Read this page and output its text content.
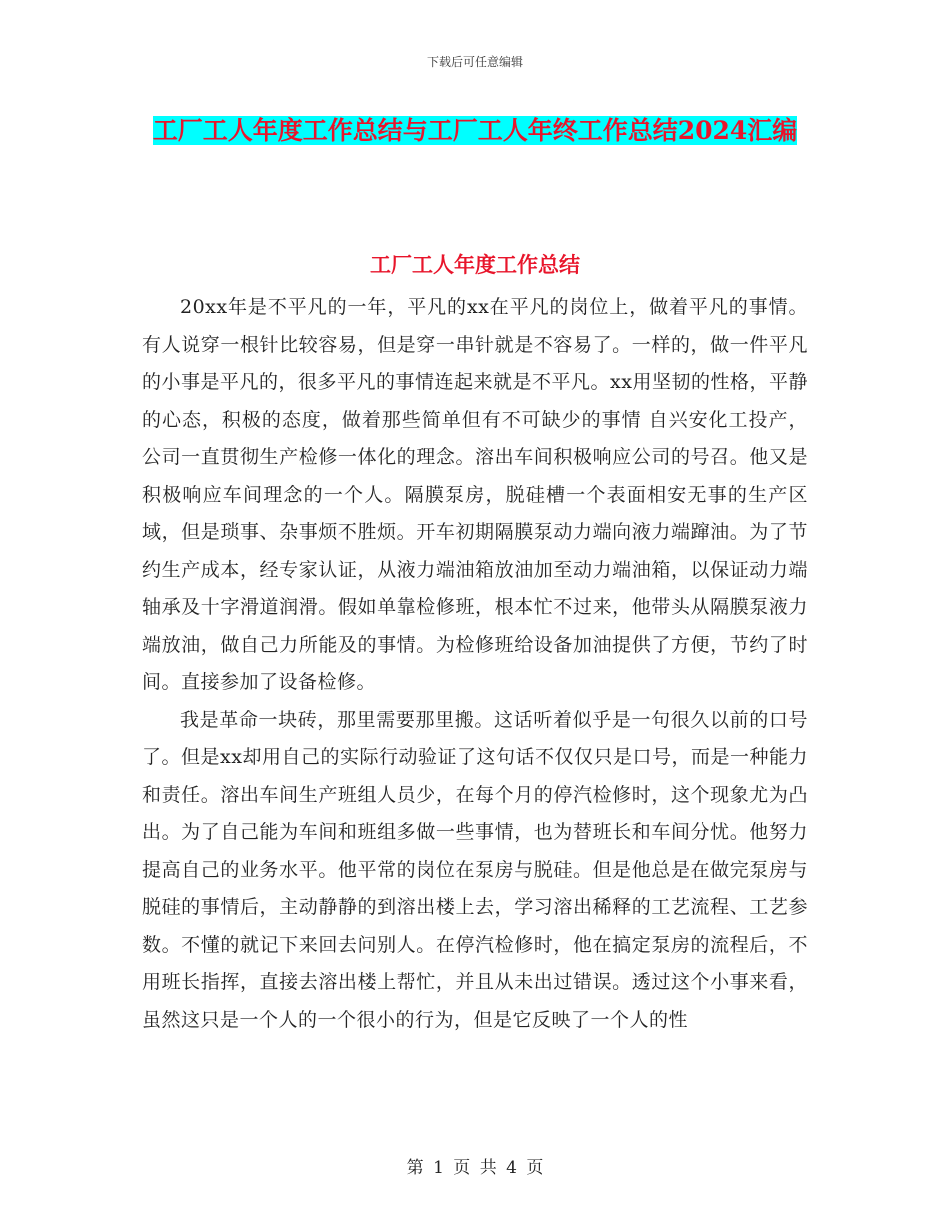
下载后可任意编辑
工厂工人年度工作总结与工厂工人年终工作总结2024汇编
工厂工人年度工作总结

20xx年是不平凡的一年，平凡的xx在平凡的岗位上，做着平凡的事情。有人说穿一根针比较容易，但是穿一串针就是不容易了。一样的，做一件平凡的小事是平凡的，很多平凡的事情连起来就是不平凡。xx用坚韧的性格，平静的心态，积极的态度，做着那些简单但有不可缺少的事情 自兴安化工投产，公司一直贯彻生产检修一体化的理念。溶出车间积极响应公司的号召。他又是积极响应车间理念的一个人。隔膜泵房，脱硅槽一个表面相安无事的生产区域，但是琐事、杂事烦不胜烦。开车初期隔膜泵动力端向液力端蹿油。为了节约生产成本，经专家认证，从液力端油箱放油加至动力端油箱，以保证动力端轴承及十字滑道润滑。假如单靠检修班，根本忙不过来，他带头从隔膜泵液力端放油，做自己力所能及的事情。为检修班给设备加油提供了方便，节约了时间。直接参加了设备检修。

我是革命一块砖，那里需要那里搬。这话听着似乎是一句很久以前的口号了。但是xx却用自己的实际行动验证了这句话不仅仅只是口号，而是一种能力和责任。溶出车间生产班组人员少，在每个月的停汽检修时，这个现象尤为凸出。为了自己能为车间和班组多做一些事情，也为替班长和车间分忧。他努力提高自己的业务水平。他平常的岗位在泵房与脱硅。但是他总是在做完泵房与脱硅的事情后，主动静静的到溶出楼上去，学习溶出稀释的工艺流程、工艺参数。不懂的就记下来回去问别人。在停汽检修时，他在搞定泵房的流程后，不用班长指挥，直接去溶出楼上帮忙，并且从未出过错误。透过这个小事来看，虽然这只是一个人的一个很小的行为，但是它反映了一个人的性

第 1 页 共 4 页
